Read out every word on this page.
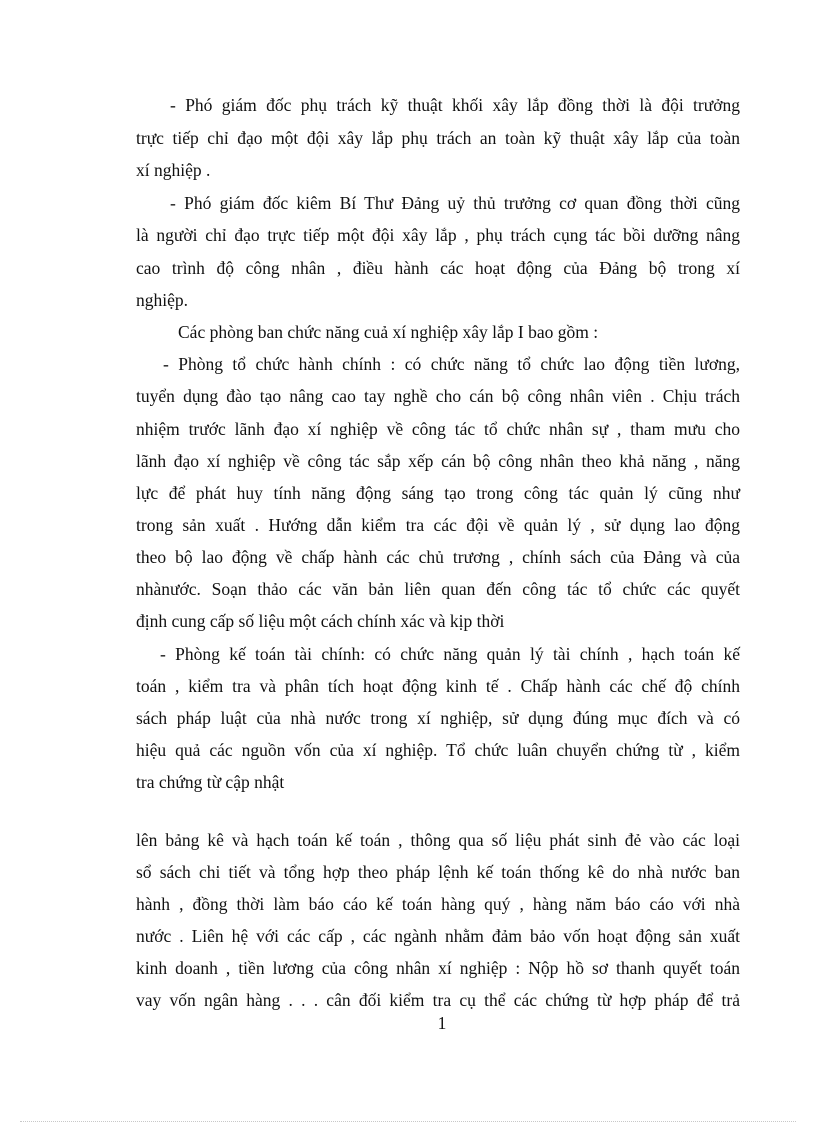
- Phó giám đốc phụ trách kỹ thuật khối xây lắp đồng thời là đội trưởng
trực tiếp chỉ đạo một đội xây lắp phụ trách an toàn kỹ thuật xây lắp của toàn
xí nghiệp .
- Phó giám đốc kiêm Bí Thư Đảng uỷ thủ trưởng cơ quan đồng thời cũng
là người chỉ đạo trực tiếp một đội xây lắp , phụ trách cụng tác bồi dưỡng nâng
cao trình độ công nhân , điều hành các hoạt động của Đảng bộ trong xí
nghiệp.
Các phòng ban chức năng cuả xí nghiệp xây lắp I bao gồm :
- Phòng tổ chức hành chính : có chức năng tổ chức lao động tiền lương,
tuyển dụng đào tạo nâng cao tay nghề cho cán bộ công nhân viên . Chịu trách
nhiệm trước lãnh đạo xí nghiệp về công tác tổ chức nhân sự , tham mưu cho
lãnh đạo xí nghiệp về công tác sắp xếp cán bộ công nhân theo khả năng , năng
lực để phát huy tính năng động sáng tạo trong công tác quản lý cũng như
trong sản xuất . Hướng dẫn kiểm tra các đội về quản lý , sử dụng lao động
theo bộ lao động về chấp hành các chủ trương , chính sách của Đảng và của
nhànước. Soạn thảo các văn bản liên quan đến công tác tổ chức các quyết
định cung cấp số liệu một cách chính xác và kịp thời
- Phòng kế toán tài chính: có chức năng quản lý tài chính , hạch toán kế
toán , kiểm tra và phân tích hoạt động kinh tế . Chấp hành các chế độ chính
sách pháp luật của nhà nước trong xí nghiệp, sử dụng đúng mục đích và có
hiệu quả các nguồn vốn của xí nghiệp. Tổ chức luân chuyển chứng từ , kiểm
tra chứng từ cập nhật
lên bảng kê và hạch toán kế toán , thông qua số liệu phát sinh đẻ vào các loại
sổ sách chi tiết và tổng hợp theo pháp lệnh kế toán thống kê do nhà nước ban
hành , đồng thời làm báo cáo kế toán hàng quý , hàng năm báo cáo với nhà
nước . Liên hệ với các cấp , các ngành nhằm đảm bảo vốn hoạt động sản xuất
kinh doanh , tiền lương của công nhân xí nghiệp : Nộp hồ sơ thanh quyết toán
vay vốn ngân hàng . . . cân đối kiểm tra cụ thể các chứng từ hợp pháp để trả
1
